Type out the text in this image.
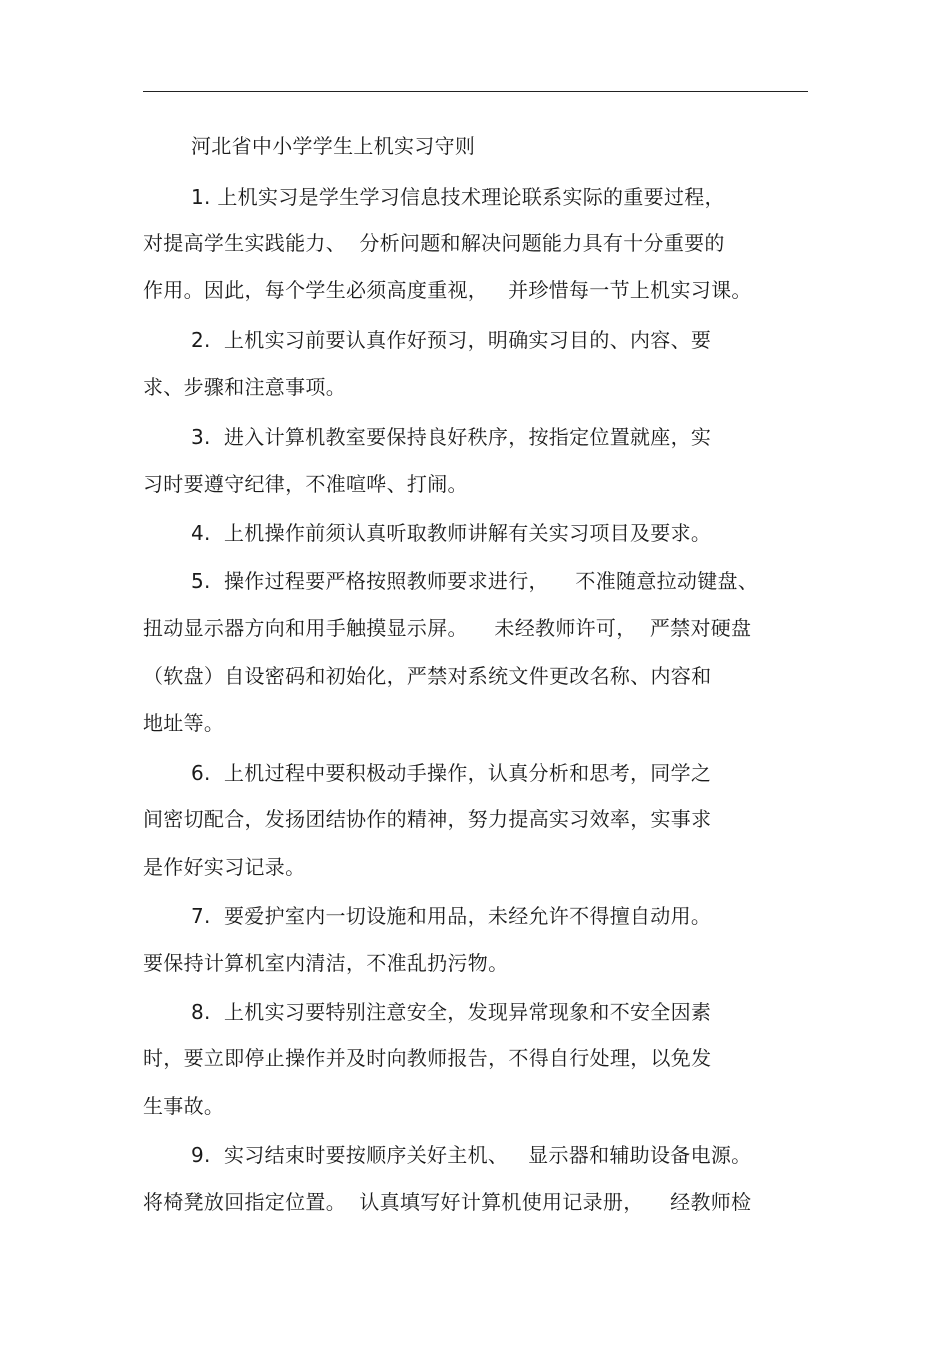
河北省中小学学生上机实习守则
1. 上机实习是学生学习信息技术理论联系实际的重要过程，
对提高学生实践能力、  分析问题和解决问题能力具有十分重要的
作用。因此，每个学生必须高度重视，   并珍惜每一节上机实习课。
2.  上机实习前要认真作好预习，明确实习目的、内容、要
求、步骤和注意事项。
3.  进入计算机教室要保持良好秩序，按指定位置就座，实
习时要遵守纪律，不准喧哗、打闹。
4.  上机操作前须认真听取教师讲解有关实习项目及要求。
5.  操作过程要严格按照教师要求进行，    不准随意拉动键盘、
扭动显示器方向和用手触摸显示屏。    未经教师许可，  严禁对硬盘
（软盘）自设密码和初始化，严禁对系统文件更改名称、内容和
地址等。
6.  上机过程中要积极动手操作，认真分析和思考，同学之
间密切配合，发扬团结协作的精神，努力提高实习效率，实事求
是作好实习记录。
7.  要爱护室内一切设施和用品，未经允许不得擅自动用。
要保持计算机室内清洁，不准乱扔污物。
8.  上机实习要特别注意安全，发现异常现象和不安全因素
时，要立即停止操作并及时向教师报告，不得自行处理，以免发
生事故。
9.  实习结束时要按顺序关好主机、   显示器和辅助设备电源。
将椅凳放回指定位置。  认真填写好计算机使用记录册，    经教师检
